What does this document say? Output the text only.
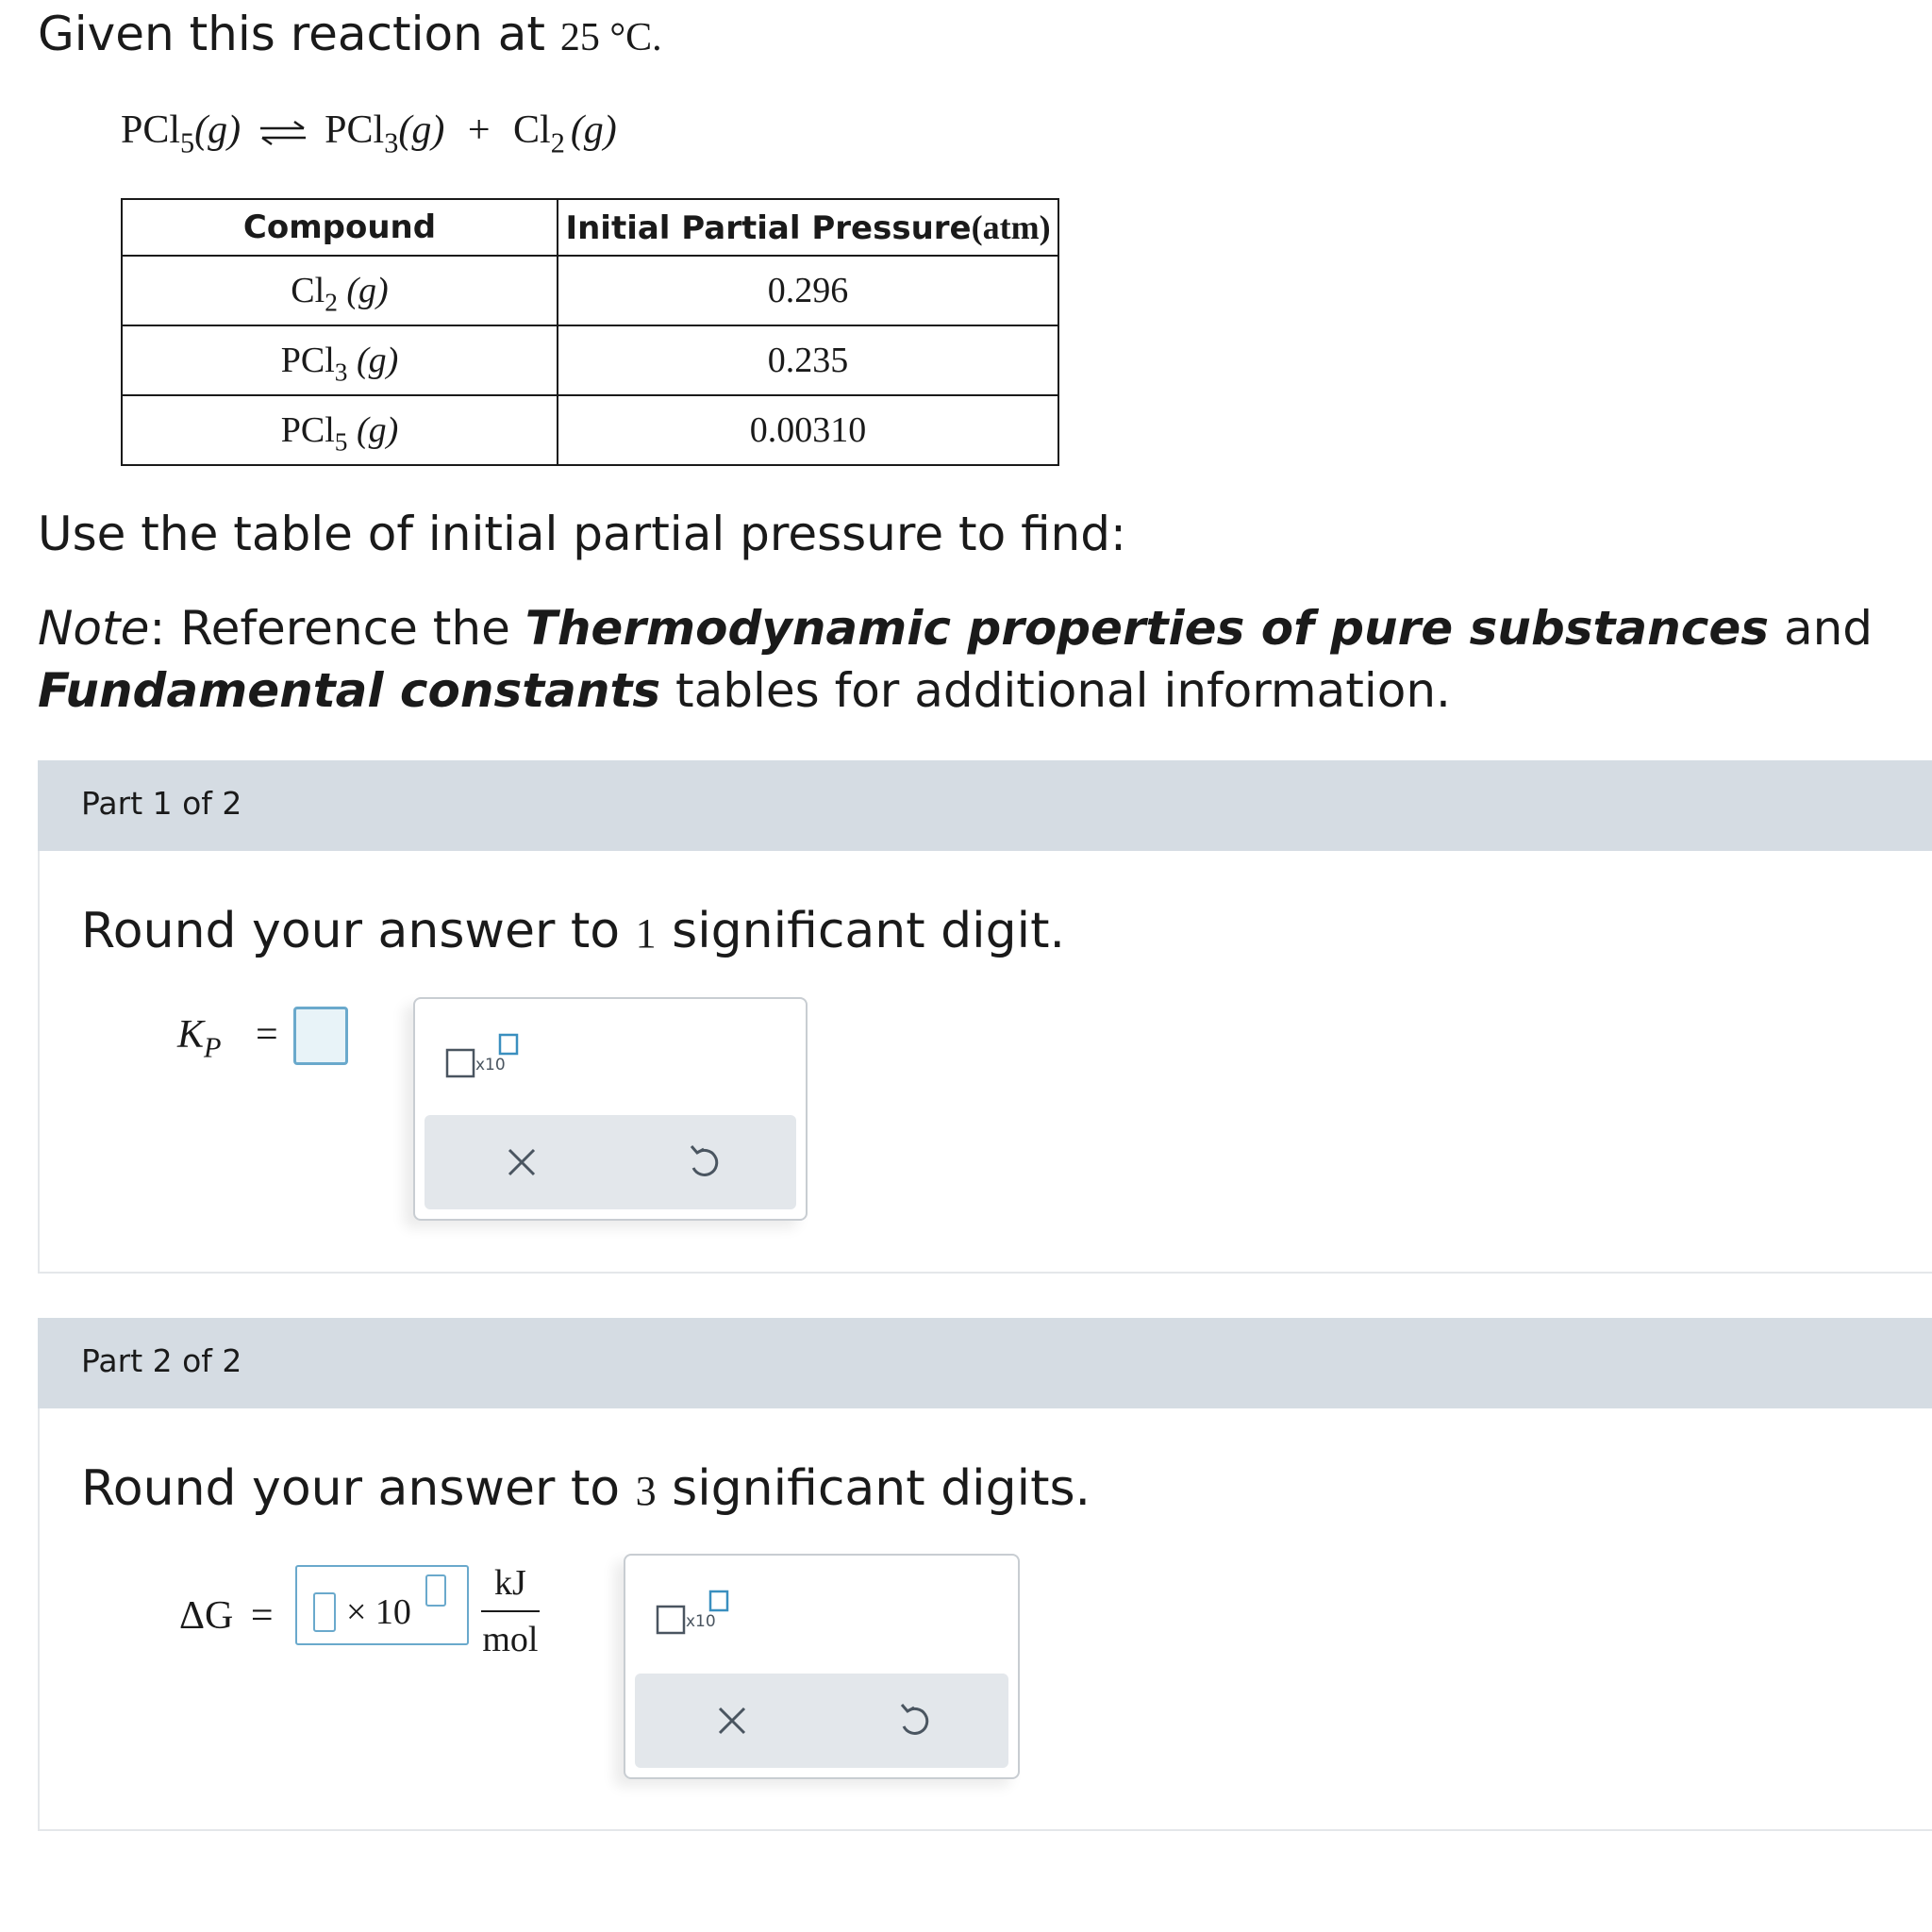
Given this reaction at 25 °C.
PCl$_5$(g) ⇌ $PCl_3(g) + Cl_2$ (g)
Compound	Initial Partial Pressure(atm)
$Cl_2$ (g)	0.296
PCl$_3$ (g)	0.235
PCl$_5$ (g)	0.00310
Use the table of initial partial pressure to find:
Note: Reference the Thermodynamic properties of pure substances and Fundamental constants tables for additional information.
Part 1 of 2
Round your answer to 1 significant digit.
$K_P$ =
x10
Part 2 of 2
Round your answer to 3 significant digits.
ΔG = × 10
kJ
mol	x10
